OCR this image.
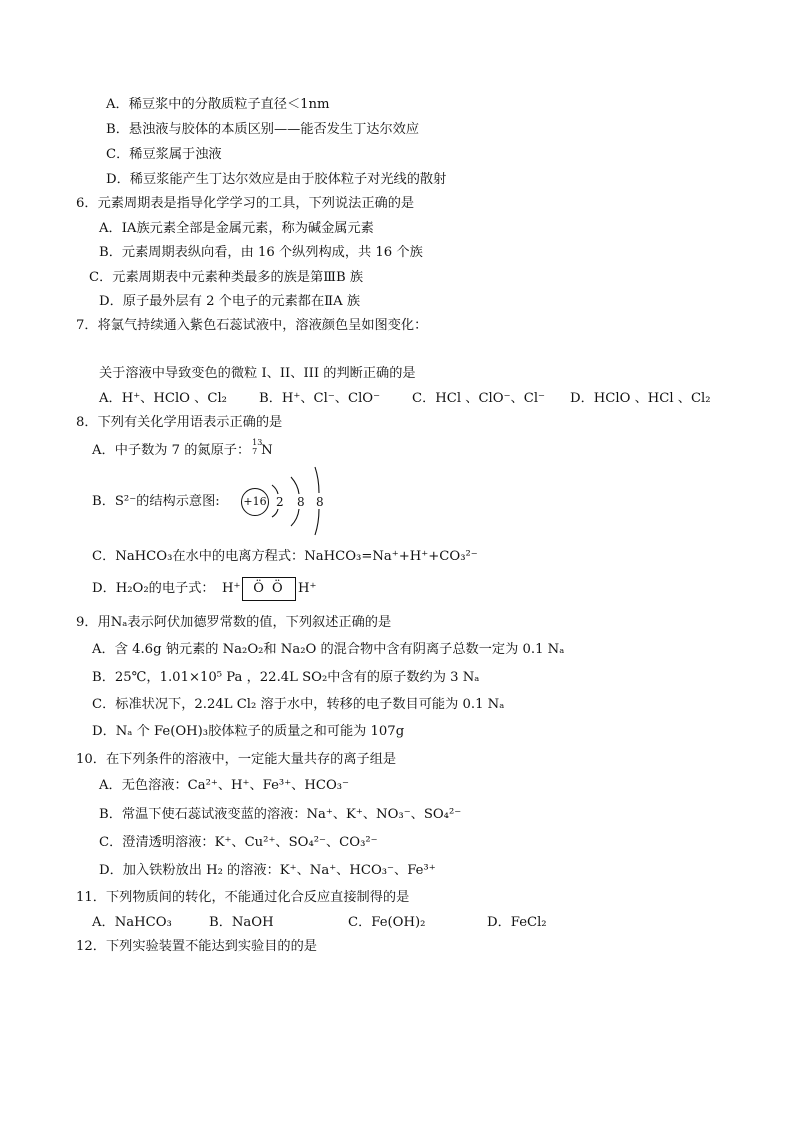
A．稀豆浆中的分散质粒子直径＜1nm
B．悬浊液与胶体的本质区别——能否发生丁达尔效应
C．稀豆浆属于浊液
D．稀豆浆能产生丁达尔效应是由于胶体粒子对光线的散射
6．元素周期表是指导化学学习的工具，下列说法正确的是
A．IA族元素全部是金属元素，称为碱金属元素
B．元素周期表纵向看，由 16 个纵列构成，共 16 个族
C．元素周期表中元素种类最多的族是第ⅢB 族
D．原子最外层有 2 个电子的元素都在ⅡA 族
7．将氯气持续通入紫色石蕊试液中，溶液颜色呈如图变化：
关于溶液中导致变色的微粒 I、II、III 的判断正确的是
A．H⁺、HClO 、Cl₂ B．H⁺、Cl⁻、ClO⁻ C．HCl 、ClO⁻、Cl⁻ D．HClO 、HCl 、Cl₂
8．下列有关化学用语表示正确的是
A．中子数为 7 的氮原子：
13
7 N
B．S²⁻的结构示意图: +16 2 8 8
C．NaHCO₃在水中的电离方程式：NaHCO₃=Na⁺+H⁺+CO₃²⁻
D．H₂O₂的电子式： H⁺ Ö Ö	H⁺
9．用Nₐ表示阿伏加德罗常数的值，下列叙述正确的是
A．含 4.6g 钠元素的 Na₂O₂和 Na₂O 的混合物中含有阴离子总数一定为 0.1 Nₐ
B．25℃，1.01×10⁵ Pa ，22.4L SO₂中含有的原子数约为 3 Nₐ
C．标准状况下，2.24L Cl₂ 溶于水中，转移的电子数目可能为 0.1 Nₐ
D．Nₐ 个 Fe(OH)₃胶体粒子的质量之和可能为 107g
10．在下列条件的溶液中，一定能大量共存的离子组是
A．无色溶液：Ca²⁺、H⁺、Fe³⁺、HCO₃⁻
B．常温下使石蕊试液变蓝的溶液：Na⁺、K⁺、NO₃⁻、SO₄²⁻
C．澄清透明溶液：K⁺、Cu²⁺、SO₄²⁻、CO₃²⁻
D．加入铁粉放出 H₂ 的溶液：K⁺、Na⁺、HCO₃⁻、Fe³⁺
11．下列物质间的转化，不能通过化合反应直接制得的是
A．NaHCO₃	B．NaOH	C．Fe(OH)₂	D．FeCl₂
12．下列实验装置不能达到实验目的的是
